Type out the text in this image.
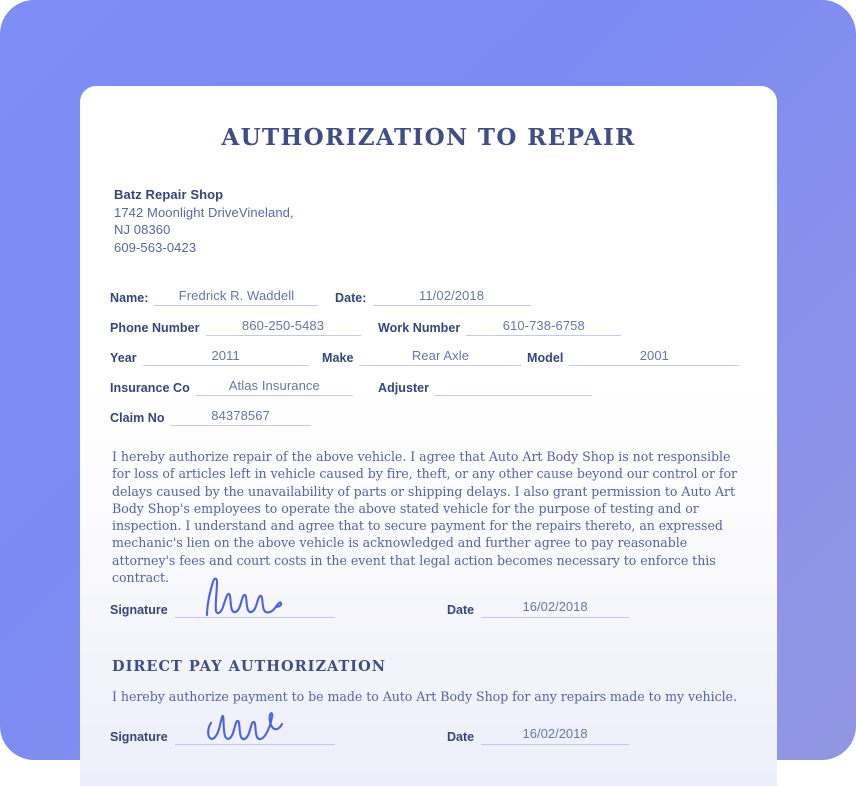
AUTHORIZATION TO REPAIR
Batz Repair Shop
1742 Moonlight DriveVineland,
NJ 08360
609-563-0423
Name:	Fredrick R. Waddell	Date:	11/02/2018
Phone Number	860-250-5483	Work Number	610-738-6758
Year	2011	Make	Rear Axle	Model	2001
Insurance Co	Atlas Insurance	Adjuster
Claim No	84378567
I hereby authorize repair of the above vehicle. I agree that Auto Art Body Shop is not responsible for loss of articles left in vehicle caused by fire, theft, or any other cause beyond our control or for delays caused by the unavailability of parts or shipping delays. I also grant permission to Auto Art Body Shop's employees to operate the above stated vehicle for the purpose of testing and or inspection. I understand and agree that to secure payment for the repairs thereto, an expressed mechanic's lien on the above vehicle is acknowledged and further agree to pay reasonable attorney's fees and court costs in the event that legal action becomes necessary to enforce this contract.
Signature	Date	16/02/2018
DIRECT PAY AUTHORIZATION
I hereby authorize payment to be made to Auto Art Body Shop for any repairs made to my vehicle.
Signature	Date	16/02/2018
